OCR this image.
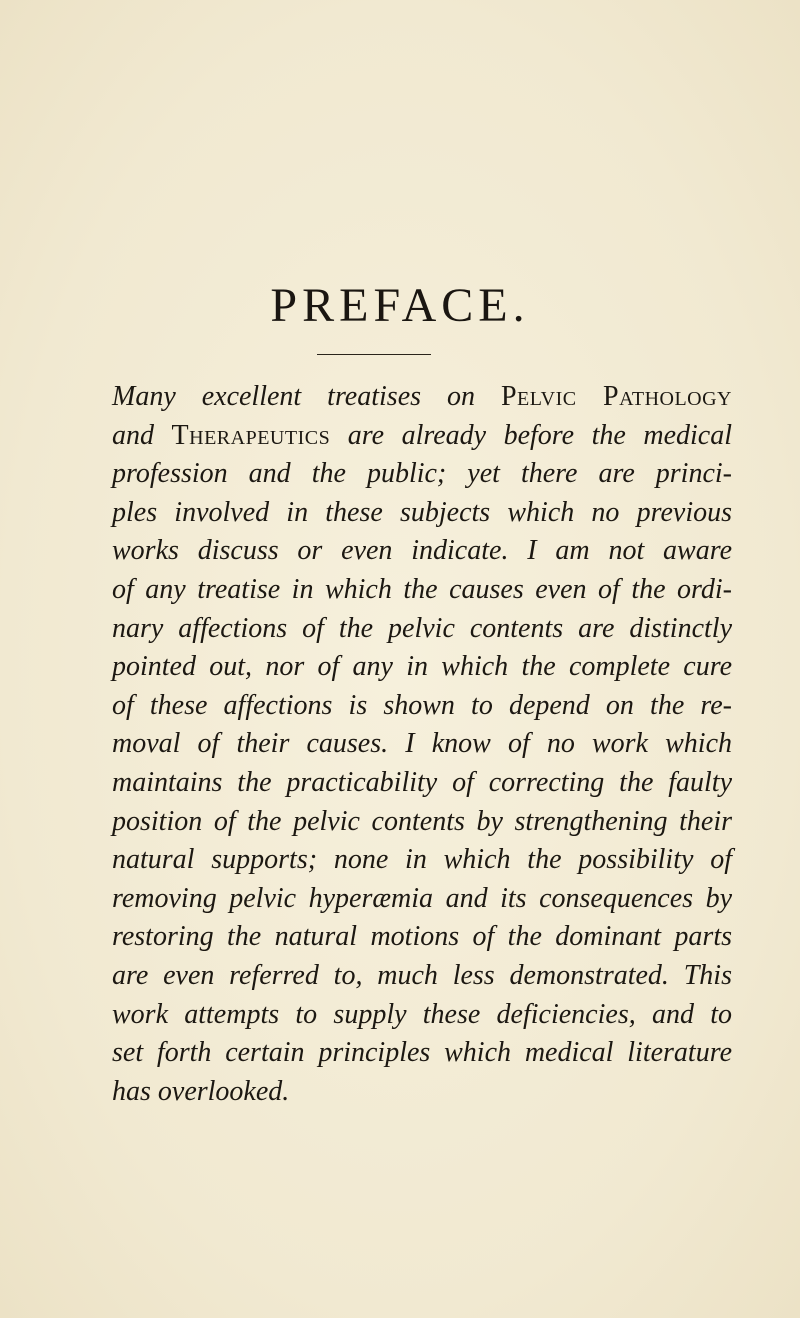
PREFACE.
Many excellent treatises on Pelvic Pathology
and Therapeutics are already before the medical
profession and the public; yet there are princi-
ples involved in these subjects which no previous
works discuss or even indicate. I am not aware
of any treatise in which the causes even of the ordi-
nary affections of the pelvic contents are distinctly
pointed out, nor of any in which the complete cure
of these affections is shown to depend on the re-
moval of their causes. I know of no work which
maintains the practicability of correcting the faulty
position of the pelvic contents by strengthening their
natural supports; none in which the possibility of
removing pelvic hyperæmia and its consequences by
restoring the natural motions of the dominant parts
are even referred to, much less demonstrated. This
work attempts to supply these deficiencies, and to
set forth certain principles which medical literature
has overlooked.
